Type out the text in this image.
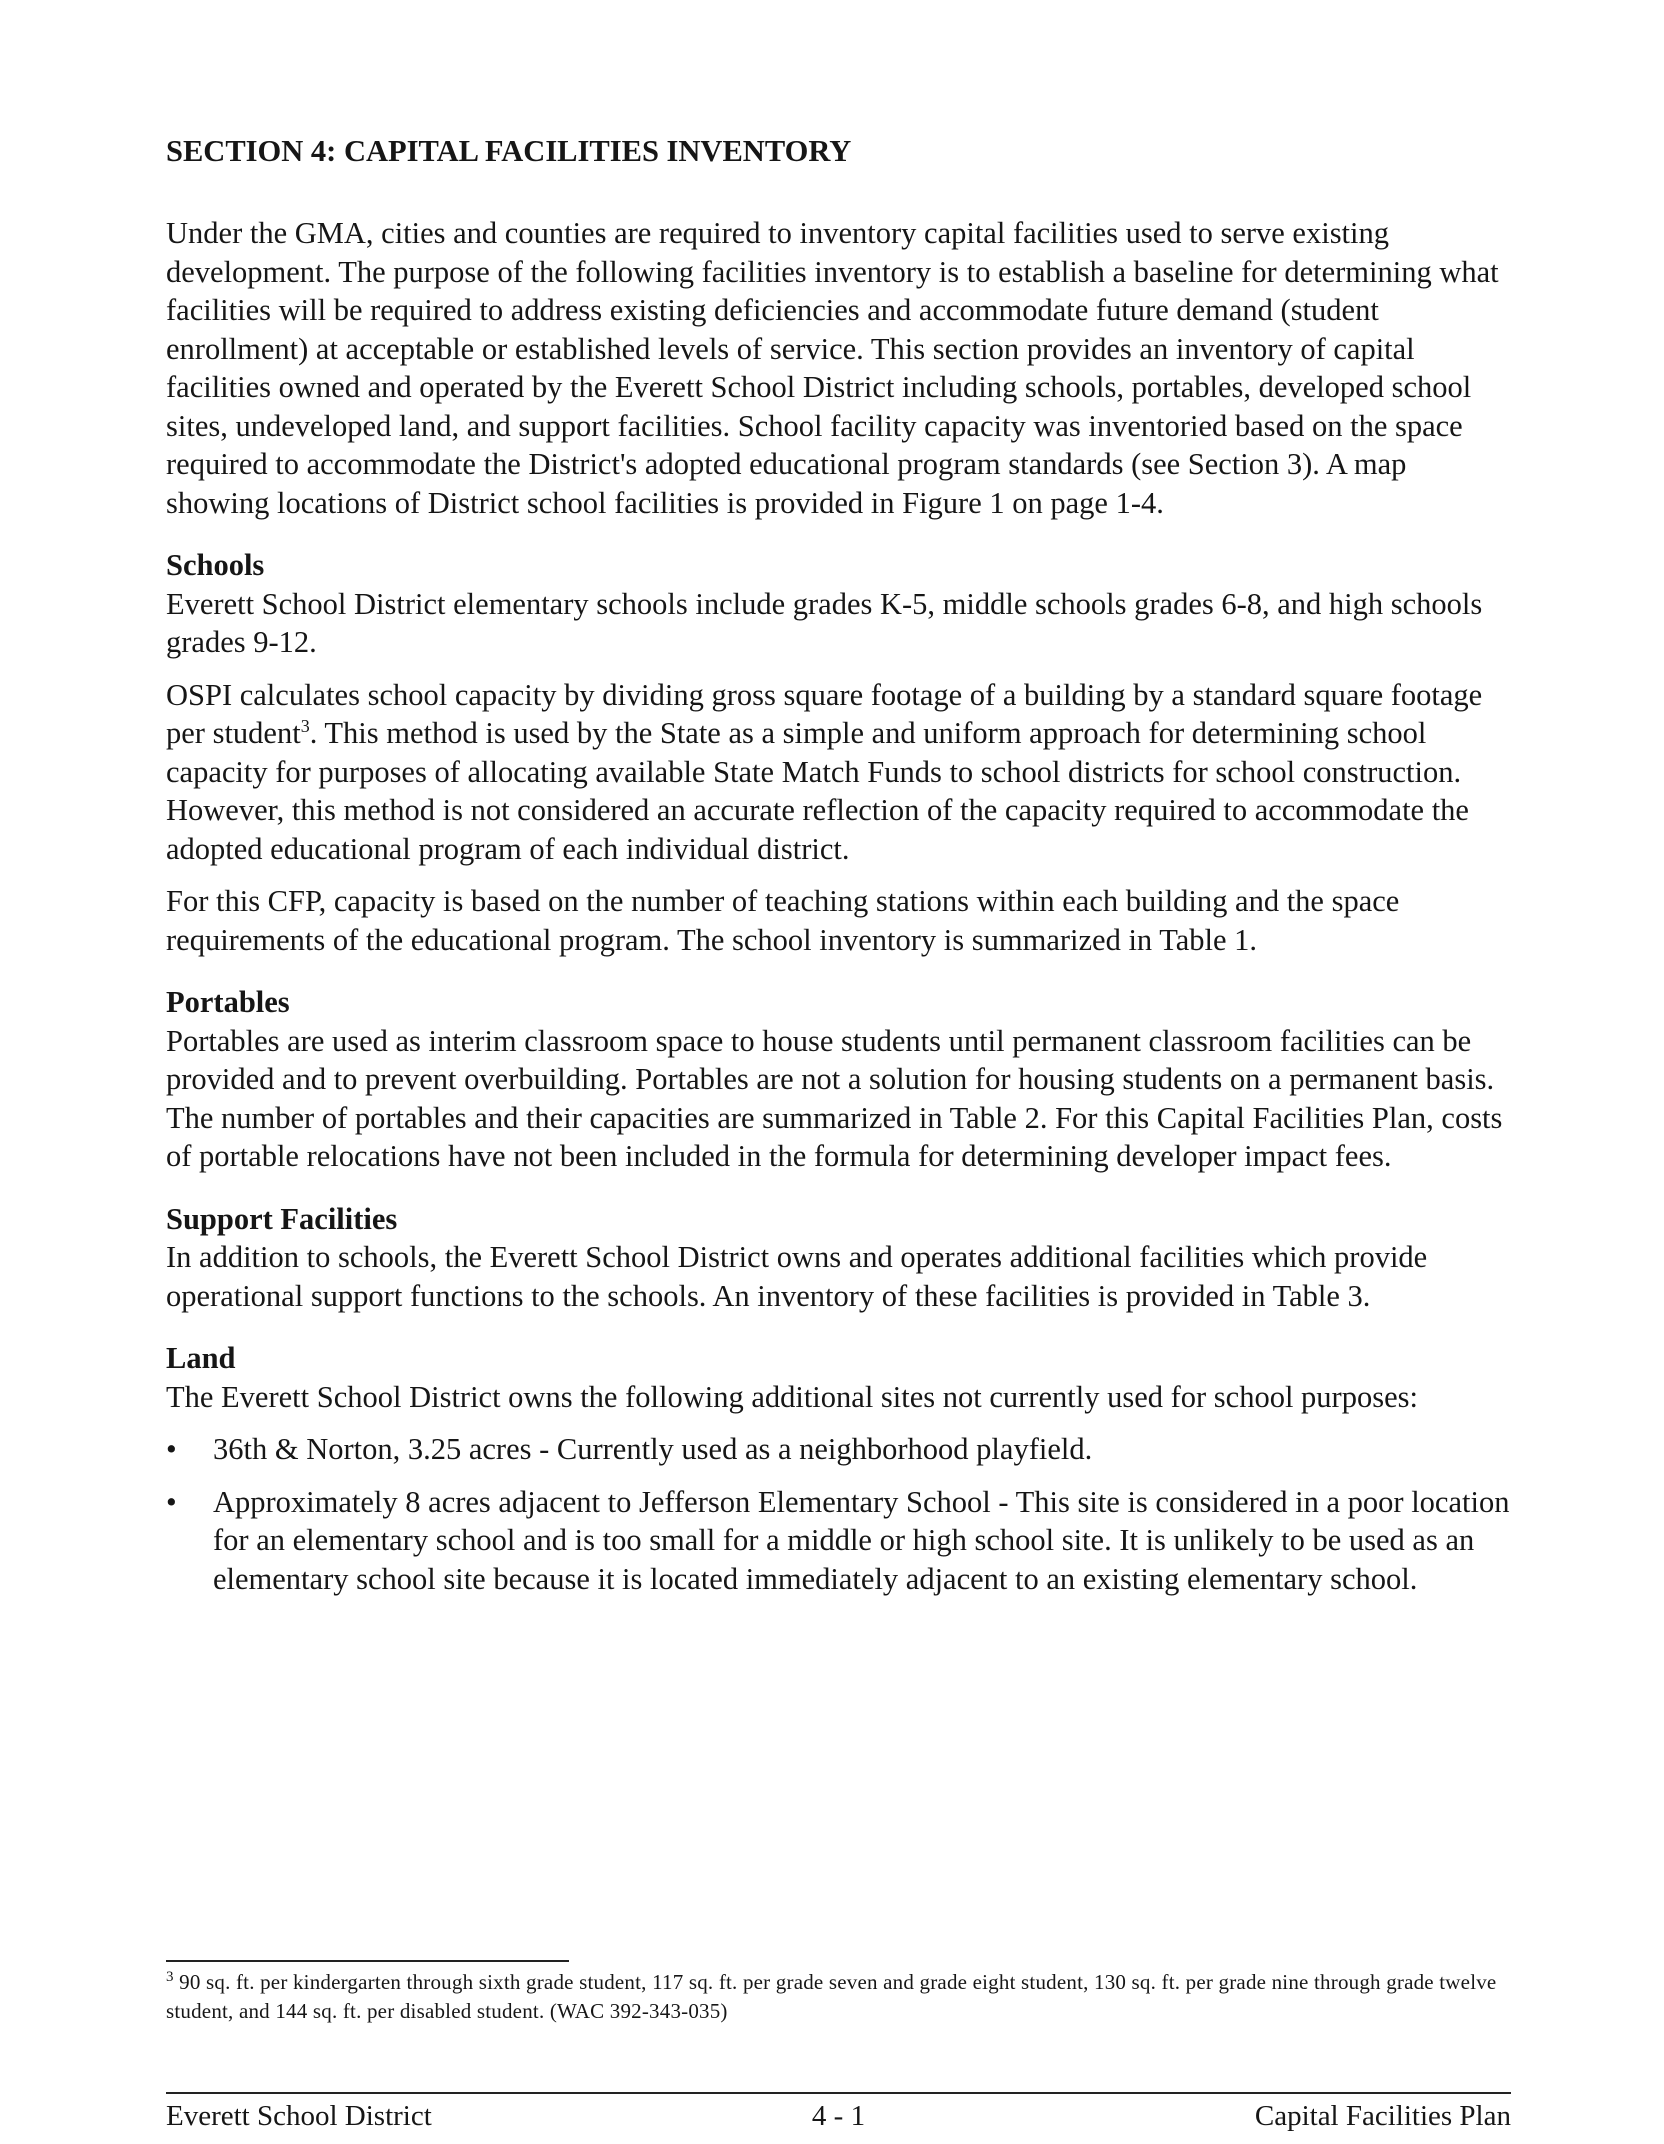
SECTION 4: CAPITAL FACILITIES INVENTORY

Under the GMA, cities and counties are required to inventory capital facilities used to serve existing development. The purpose of the following facilities inventory is to establish a baseline for determining what facilities will be required to address existing deficiencies and accommodate future demand (student enrollment) at acceptable or established levels of service. This section provides an inventory of capital facilities owned and operated by the Everett School District including schools, portables, developed school sites, undeveloped land, and support facilities. School facility capacity was inventoried based on the space required to accommodate the District's adopted educational program standards (see Section 3). A map showing locations of District school facilities is provided in Figure 1 on page 1-4.

Schools

Everett School District elementary schools include grades K-5, middle schools grades 6-8, and high schools grades 9-12.

OSPI calculates school capacity by dividing gross square footage of a building by a standard square footage per student$^3$. This method is used by the State as a simple and uniform approach for determining school capacity for purposes of allocating available State Match Funds to school districts for school construction. However, this method is not considered an accurate reflection of the capacity required to accommodate the adopted educational program of each individual district.

For this CFP, capacity is based on the number of teaching stations within each building and the space requirements of the educational program. The school inventory is summarized in Table 1.

Portables

Portables are used as interim classroom space to house students until permanent classroom facilities can be provided and to prevent overbuilding. Portables are not a solution for housing students on a permanent basis. The number of portables and their capacities are summarized in Table 2. For this Capital Facilities Plan, costs of portable relocations have not been included in the formula for determining developer impact fees.

Support Facilities

In addition to schools, the Everett School District owns and operates additional facilities which provide operational support functions to the schools. An inventory of these facilities is provided in Table 3.

Land

The Everett School District owns the following additional sites not currently used for school purposes:

•	36th & Norton, 3.25 acres - Currently used as a neighborhood playfield.
•	Approximately 8 acres adjacent to Jefferson Elementary School - This site is considered in a poor location for an elementary school and is too small for a middle or high school site. It is unlikely to be used as an elementary school site because it is located immediately adjacent to an existing elementary school.
$^3$ 90 sq. ft. per kindergarten through sixth grade student, 117 sq. ft. per grade seven and grade eight student, 130 sq. ft. per grade nine through grade twelve student, and 144 sq. ft. per disabled student. (WAC 392-343-035)
Everett School District	4 - 1	Capital Facilities Plan
